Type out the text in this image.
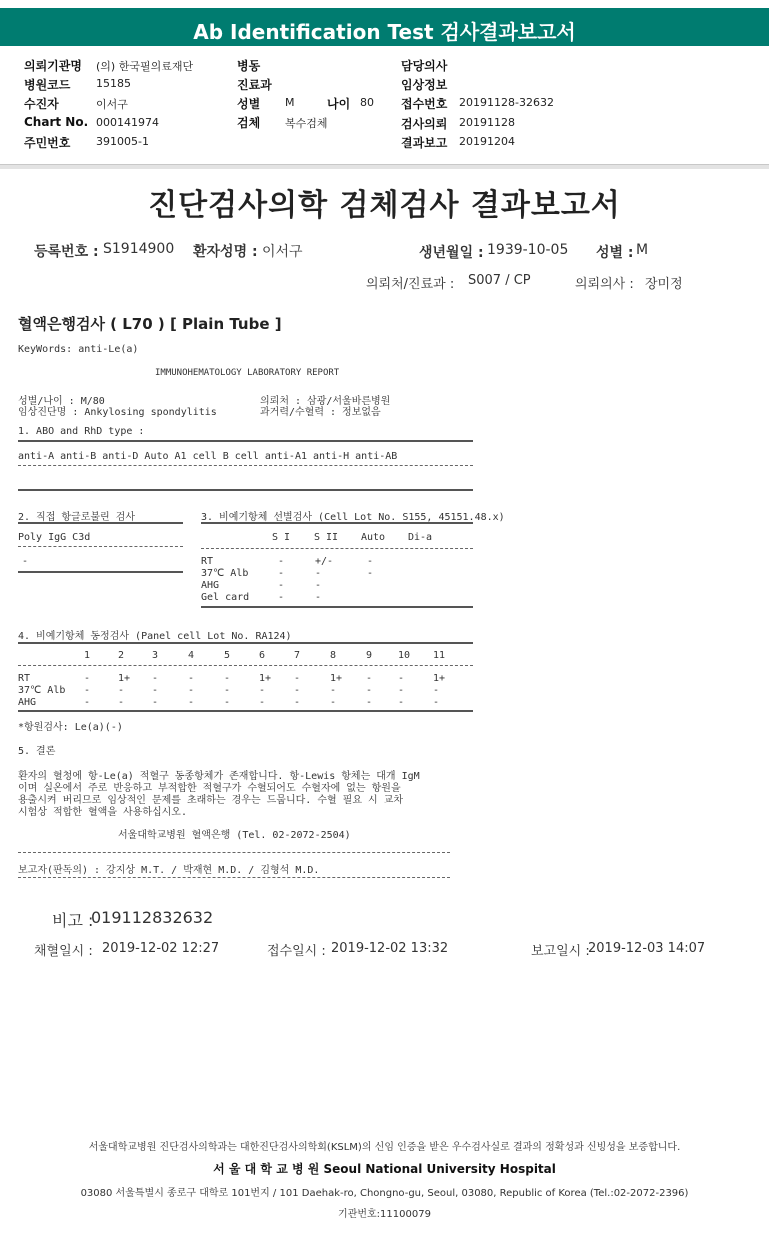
Ab Identification Test 검사결과보고서
의뢰기관명 (의) 한국필의료재단
병원코드 15185
수진자	이서구
Chart No. 000141974
주민번호 391005-1
병동
진료과
성별 M	나이 80
검체 복수검체
담당의사
임상정보
접수번호 20191128-32632
검사의뢰 20191128
결과보고 20191204
진단검사의학 검체검사 결과보고서
등록번호 : S1914900 환자성명 : 이서구	생년월일 : 1939-10-05 성별 : M
의뢰처/진료과 : S007 / CP	의뢰의사 : 장미정
혈액은행검사 ( L70 ) [ Plain Tube ]
KeyWords: anti-Le(a)
IMMUNOHEMATOLOGY LABORATORY REPORT
성별/나이 : M/80
임상진단명 : Ankylosing spondylitis
의뢰처 : 삼광/서울바른병원
과거력/수혈력 : 정보없음
1. ABO and RhD type :
anti-A anti-B anti-D Auto A1 cell B cell anti-A1 anti-H anti-AB
2. 직접 항글로불린 검사
Poly IgG C3d
-
3. 비예기항체 선별검사 (Cell Lot No. S155, 45151.48.x)
S I S II Auto Di-a
RT	-	+/-	-
37℃ Alb	-	-	-
AHG	-	-
Gel card	-	-
4. 비예기항체 동정검사 (Panel cell Lot No. RA124)
1	2	3	4	5	6	7	8	9	10 11
RT	-	1+ -	-	-	1+ -	1+ -	-	1+
37℃ Alb -	-	-	-	-	-	-	-	-	-	-
AHG	-	-	-	-	-	-	-	-	-	-	-
*항원검사: Le(a)(-)
5. 결론
환자의 혈청에 항-Le(a) 적혈구 동종항체가 존재합니다. 항-Lewis 항체는 대개 IgM
이며 실온에서 주로 반응하고 부적합한 적혈구가 수혈되어도 수혈자에 없는 항원을
용출시켜 버리므로 임상적인 문제를 초래하는 경우는 드뭅니다. 수혈 필요 시 교차
시험상 적합한 혈액을 사용하십시오.
서울대학교병원 혈액은행 (Tel. 02-2072-2504)
보고자(판독의) : 강지상 M.T. / 박재현 M.D. / 김형석 M.D.
비고 :
019112832632
채혈일시 : 2019-12-02 12:27	접수일시 : 2019-12-02 13:32	보고일시 :
2019-12-03 14:07
서울대학교병원 진단검사의학과는 대한진단검사의학회(KSLM)의 신임 인증을 받은 우수검사실로 결과의 정확성과 신빙성을 보증합니다.
서 울 대 학 교 병 원 Seoul National University Hospital
03080 서울특별시 종로구 대학로 101번지 / 101 Daehak-ro, Chongno-gu, Seoul, 03080, Republic of Korea (Tel.:02-2072-2396)
기관번호:11100079
